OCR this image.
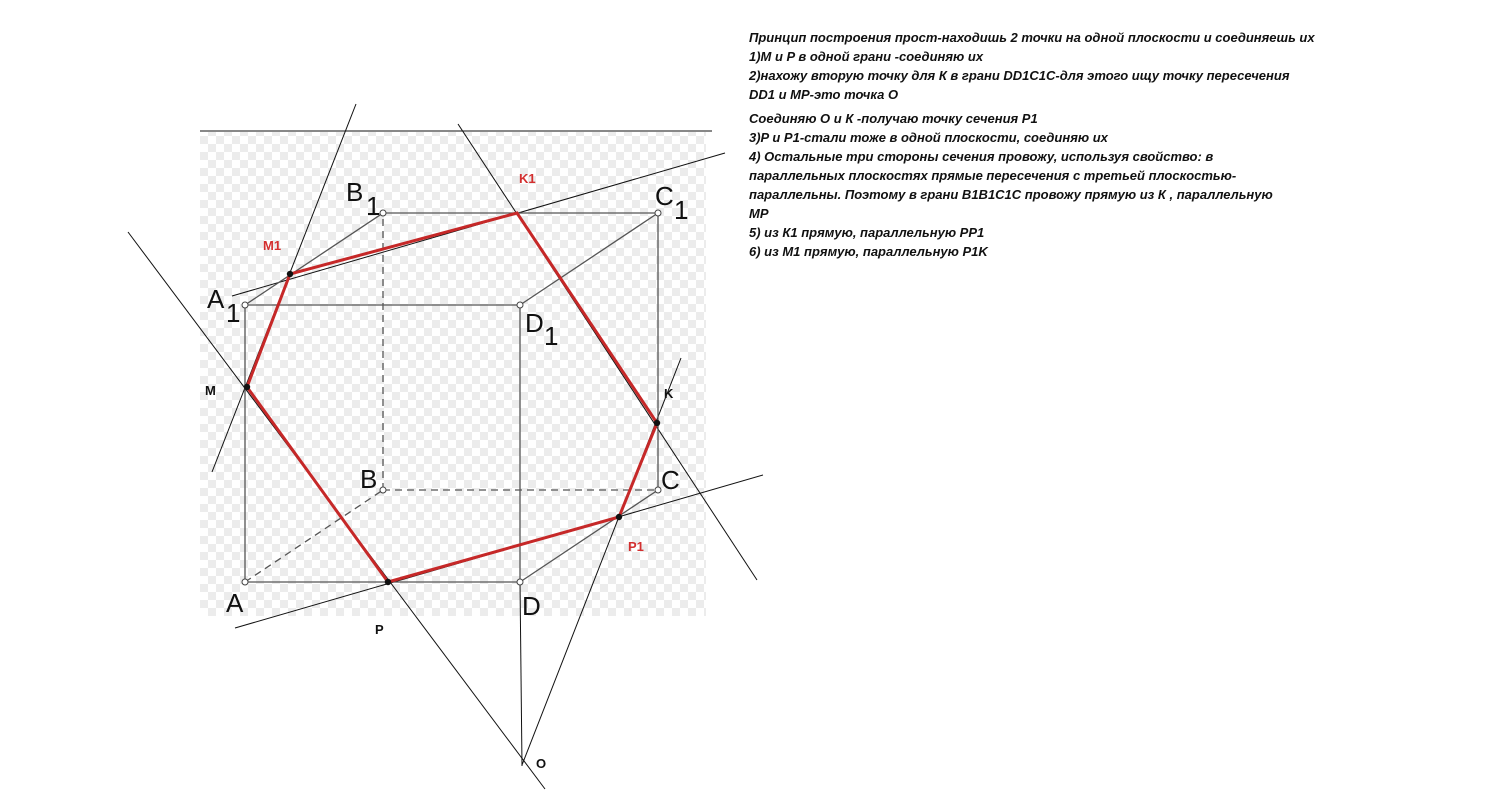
A
B	C
D
A 1
B 1	C 1
D 1
M
P
K
O
M1
K1
P1
Принцип построения прост-находишь 2 точки на одной плоскости и соединяешь их
1)M и P в одной грани -соединяю их
2)нахожу вторую точку для К в грани DD1C1C-для этого ищу точку пересечения
DD1 и MP-это точка О
Соединяю О и К -получаю точку сечения P1
3)P и P1-стали тоже в одной плоскости, соединяю их
4) Остальные три стороны сечения провожу, используя свойство: в
параллельных плоскостях прямые пересечения с третьей плоскостью-
параллельны. Поэтому в грани B1B1C1C провожу прямую из К , параллельную
MP
5) из К1 прямую, параллельную PP1
6) из M1 прямую, параллельную P1K
